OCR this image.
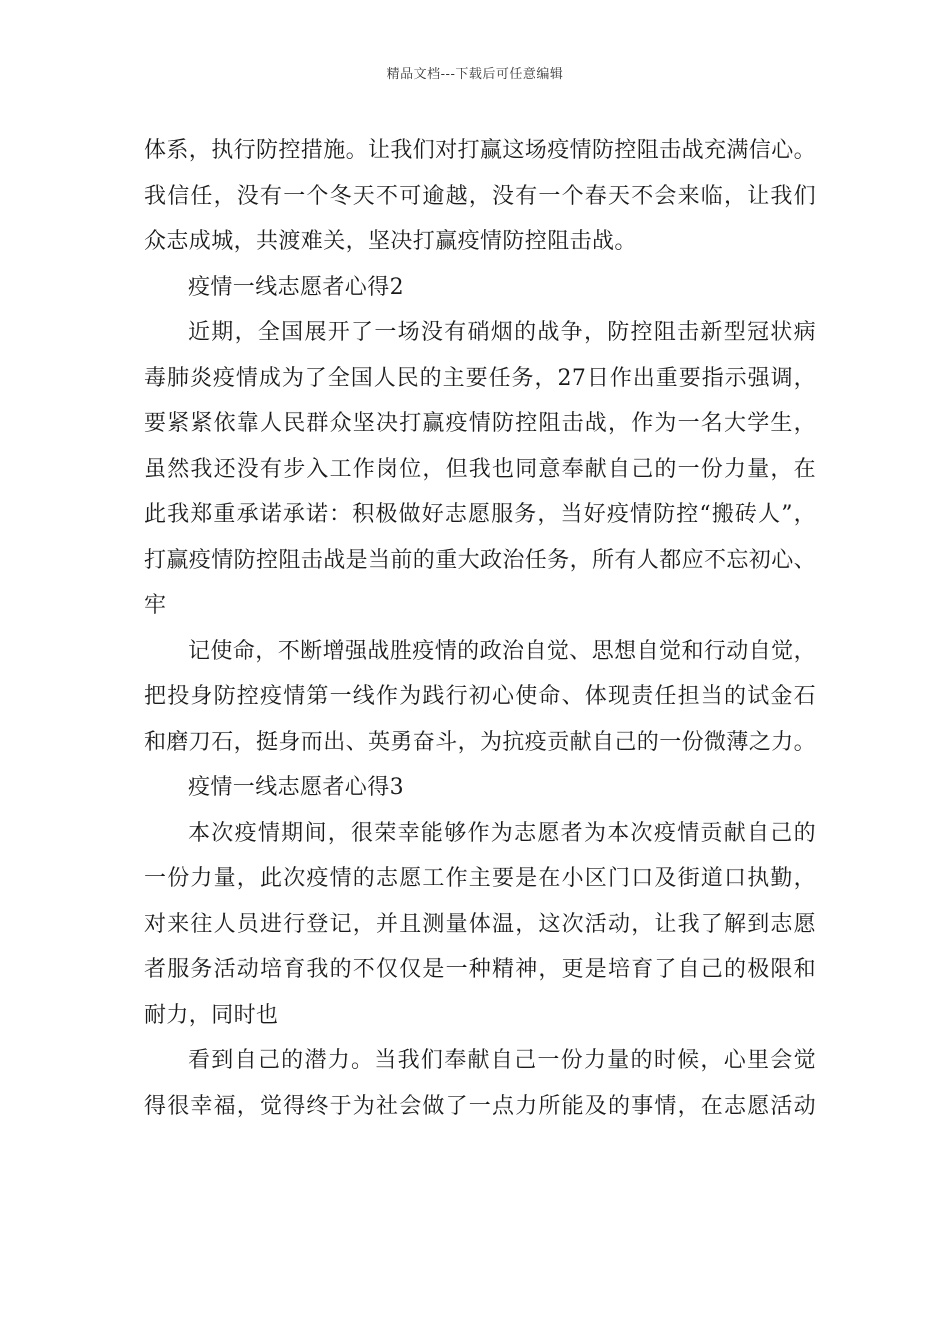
精品文档---下载后可任意编辑
体系，执行防控措施。让我们对打赢这场疫情防控阻击战充满信心。
我信任，没有一个冬天不可逾越，没有一个春天不会来临，让我们
众志成城，共渡难关，坚决打赢疫情防控阻击战。
疫情一线志愿者心得2
近期，全国展开了一场没有硝烟的战争，防控阻击新型冠状病
毒肺炎疫情成为了全国人民的主要任务，27日作出重要指示强调，
要紧紧依靠人民群众坚决打赢疫情防控阻击战，作为一名大学生，
虽然我还没有步入工作岗位，但我也同意奉献自己的一份力量，在
此我郑重承诺承诺：积极做好志愿服务，当好疫情防控“搬砖人”，
打赢疫情防控阻击战是当前的重大政治任务，所有人都应不忘初心、
牢
记使命，不断增强战胜疫情的政治自觉、思想自觉和行动自觉，
把投身防控疫情第一线作为践行初心使命、体现责任担当的试金石
和磨刀石，挺身而出、英勇奋斗，为抗疫贡献自己的一份微薄之力。
疫情一线志愿者心得3
本次疫情期间，很荣幸能够作为志愿者为本次疫情贡献自己的
一份力量，此次疫情的志愿工作主要是在小区门口及街道口执勤，
对来往人员进行登记，并且测量体温，这次活动，让我了解到志愿
者服务活动培育我的不仅仅是一种精神，更是培育了自己的极限和
耐力，同时也
看到自己的潜力。当我们奉献自己一份力量的时候，心里会觉
得很幸福，觉得终于为社会做了一点力所能及的事情，在志愿活动
